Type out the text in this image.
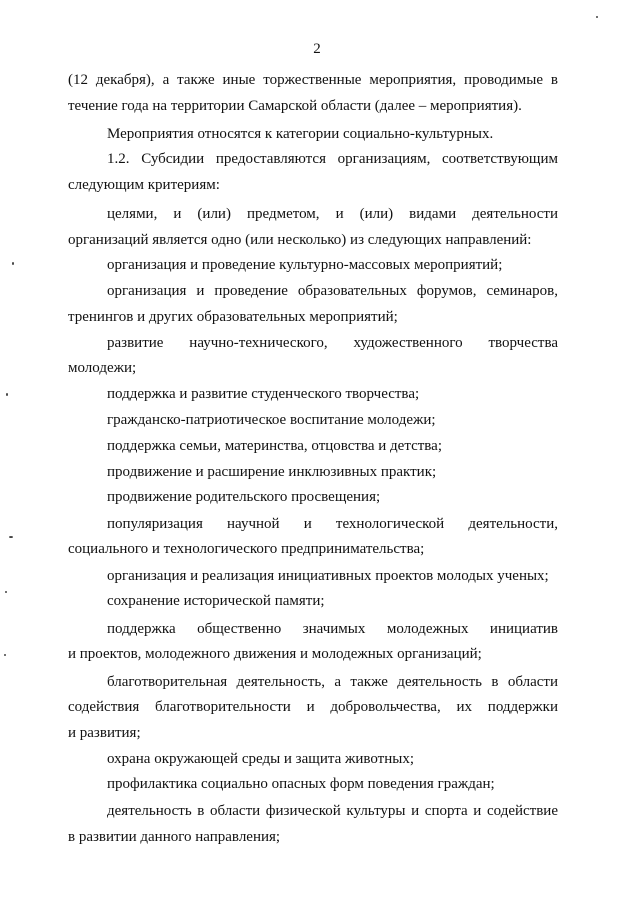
2
(12 декабря), а также иные торжественные мероприятия, проводимые в
течение года на территории Самарской области (далее – мероприятия).
Мероприятия относятся к категории социально-культурных.
1.2. Субсидии предоставляются организациям, соответствующим
следующим критериям:
целями, и (или) предметом, и (или) видами деятельности
организаций является одно (или несколько) из следующих направлений:
организация и проведение культурно-массовых мероприятий;
организация и проведение образовательных форумов, семинаров,
тренингов и других образовательных мероприятий;
развитие научно-технического, художественного творчества
молодежи;
поддержка и развитие студенческого творчества;
гражданско-патриотическое воспитание молодежи;
поддержка семьи, материнства, отцовства и детства;
продвижение и расширение инклюзивных практик;
продвижение родительского просвещения;
популяризация научной и технологической деятельности,
социального и технологического предпринимательства;
организация и реализация инициативных проектов молодых ученых;
сохранение исторической памяти;
поддержка общественно значимых молодежных инициатив
и проектов, молодежного движения и молодежных организаций;
благотворительная деятельность, а также деятельность в области
содействия благотворительности и добровольчества, их поддержки
и развития;
охрана окружающей среды и защита животных;
профилактика социально опасных форм поведения граждан;
деятельность в области физической культуры и спорта и содействие
в развитии данного направления;
